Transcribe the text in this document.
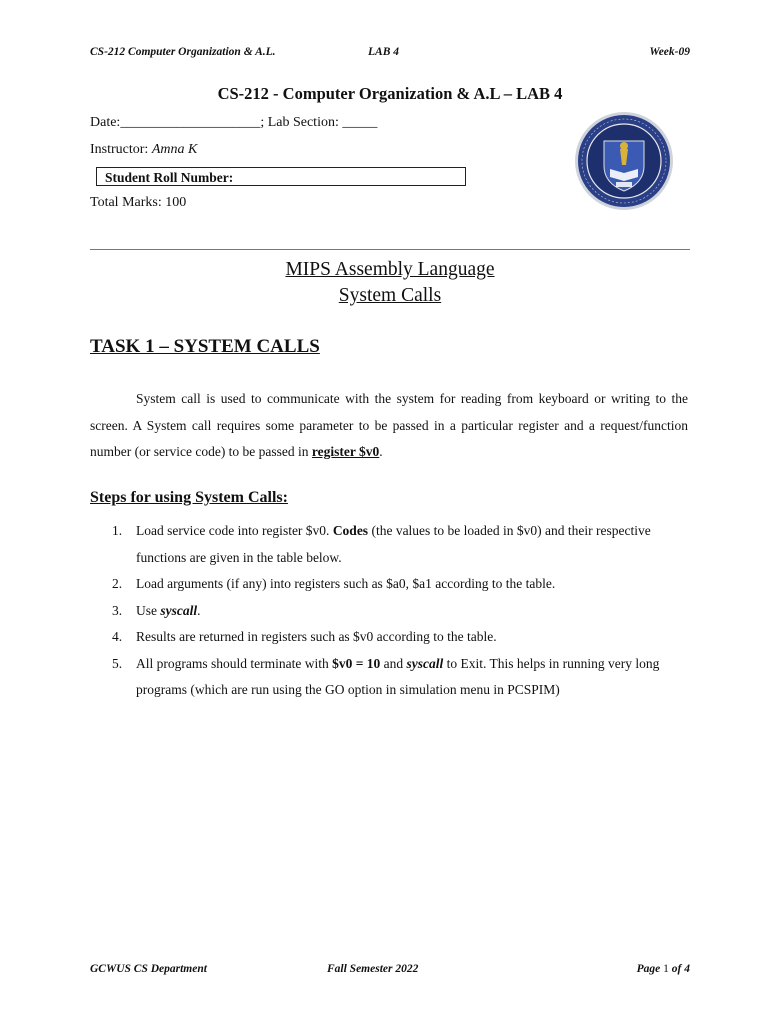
CS-212 Computer Organization & A.L.	LAB 4	Week-09
CS-212 - Computer Organization & A.L – LAB 4
Date:____________________; Lab Section: _____
Instructor: Amna K
Student Roll Number:
Total Marks: 100
MIPS Assembly Language
System Calls
TASK 1 – SYSTEM CALLS
System call is used to communicate with the system for reading from keyboard or writing to the screen. A System call requires some parameter to be passed in a particular register and a request/function number (or service code) to be passed in register $v0.
Steps for using System Calls:
1. Load service code into register $v0. Codes (the values to be loaded in $v0) and their respective functions are given in the table below.
2. Load arguments (if any) into registers such as $a0, $a1 according to the table.
3. Use syscall.
4. Results are returned in registers such as $v0 according to the table.
5. All programs should terminate with $v0 = 10 and syscall to Exit. This helps in running very long programs (which are run using the GO option in simulation menu in PCSPIM)
GCWUS CS Department	Fall Semester 2022	Page 1 of 4
